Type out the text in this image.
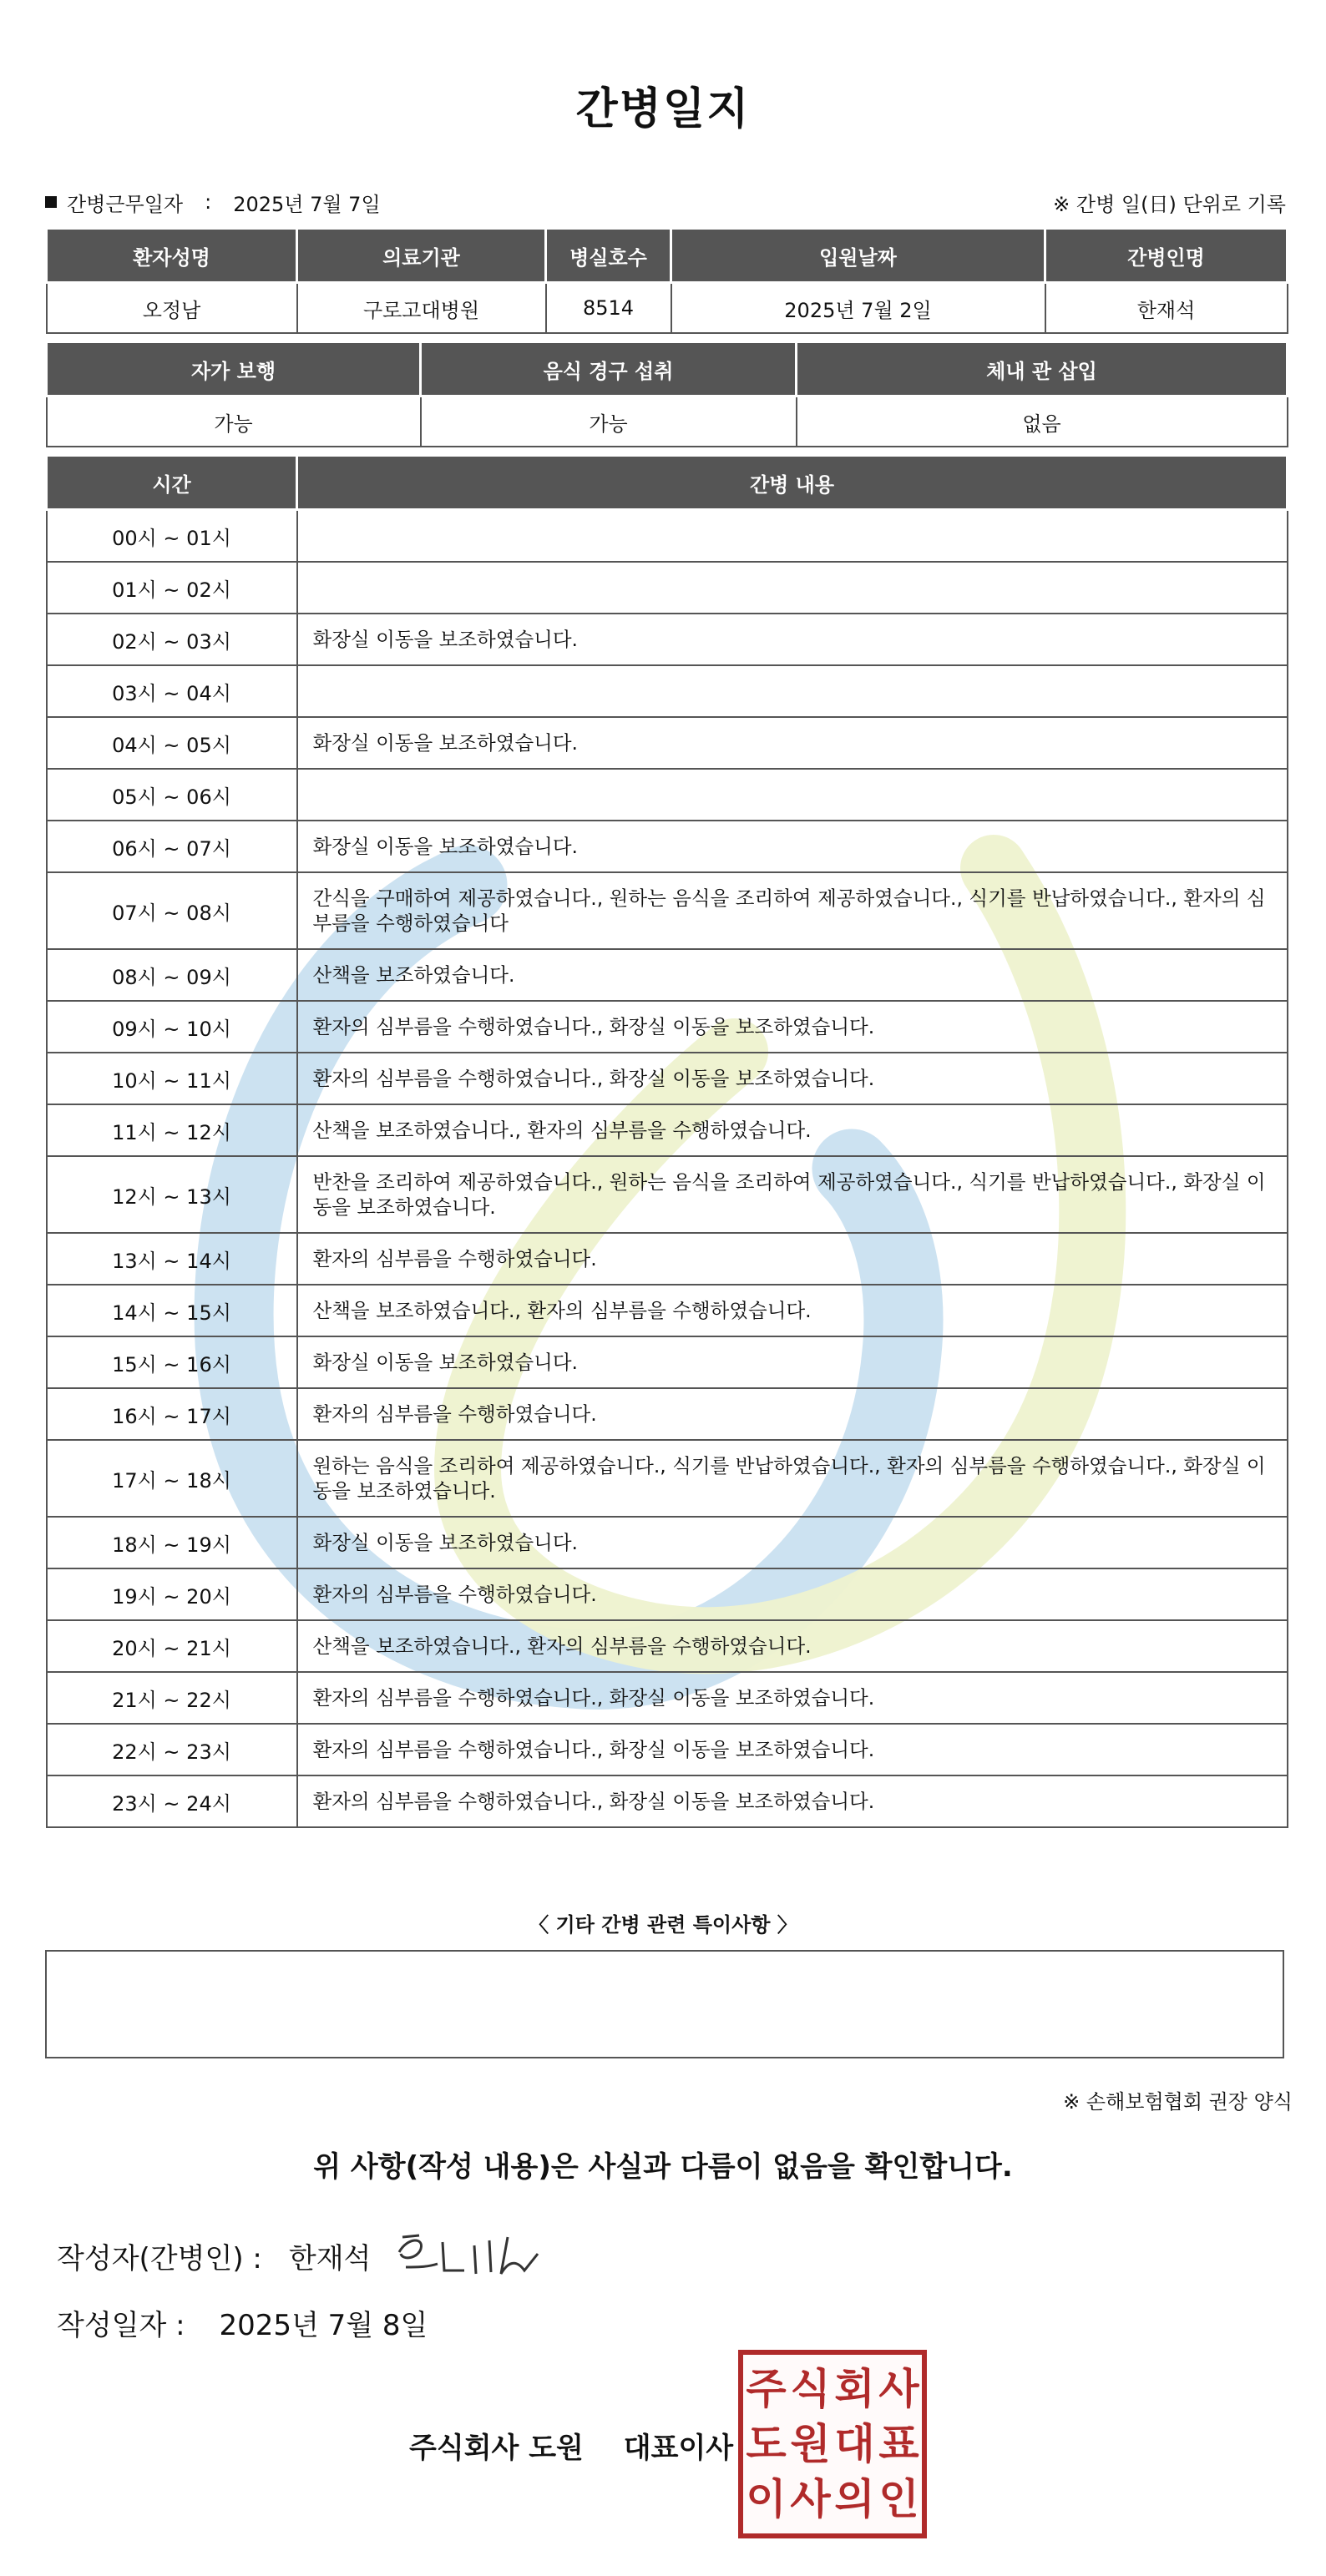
간병일지
간병근무일자 : 2025년 7월 7일	※ 간병 일(日) 단위로 기록
환자성명	의료기관	병실호수	입원날짜	간병인명
오정남	구로고대병원	8514	2025년 7월 2일	한재석
자가 보행	음식 경구 섭취	체내 관 삽입
가능	가능	없음
시간	간병 내용
00시 ~ 01시	
01시 ~ 02시	
02시 ~ 03시	화장실 이동을 보조하였습니다.
03시 ~ 04시	
04시 ~ 05시	화장실 이동을 보조하였습니다.
05시 ~ 06시	
06시 ~ 07시	화장실 이동을 보조하였습니다.
07시 ~ 08시	간식을 구매하여 제공하였습니다., 원하는 음식을 조리하여 제공하였습니다., 식기를 반납하였습니다., 환자의 심부름을 수행하였습니다
08시 ~ 09시	산책을 보조하였습니다.
09시 ~ 10시	환자의 심부름을 수행하였습니다., 화장실 이동을 보조하였습니다.
10시 ~ 11시	환자의 심부름을 수행하였습니다., 화장실 이동을 보조하였습니다.
11시 ~ 12시	산책을 보조하였습니다., 환자의 심부름을 수행하였습니다.
12시 ~ 13시	반찬을 조리하여 제공하였습니다., 원하는 음식을 조리하여 제공하였습니다., 식기를 반납하였습니다., 화장실 이동을 보조하였습니다.
13시 ~ 14시	환자의 심부름을 수행하였습니다.
14시 ~ 15시	산책을 보조하였습니다., 환자의 심부름을 수행하였습니다.
15시 ~ 16시	화장실 이동을 보조하였습니다.
16시 ~ 17시	환자의 심부름을 수행하였습니다.
17시 ~ 18시	원하는 음식을 조리하여 제공하였습니다., 식기를 반납하였습니다., 환자의 심부름을 수행하였습니다., 화장실 이동을 보조하였습니다.
18시 ~ 19시	화장실 이동을 보조하였습니다.
19시 ~ 20시	환자의 심부름을 수행하였습니다.
20시 ~ 21시	산책을 보조하였습니다., 환자의 심부름을 수행하였습니다.
21시 ~ 22시	환자의 심부름을 수행하였습니다., 화장실 이동을 보조하였습니다.
22시 ~ 23시	환자의 심부름을 수행하였습니다., 화장실 이동을 보조하였습니다.
23시 ~ 24시	환자의 심부름을 수행하였습니다., 화장실 이동을 보조하였습니다.
〈 기타 간병 관련 특이사항 〉
※ 손해보험협회 권장 양식
위 사항(작성 내용)은 사실과 다름이 없음을 확인합니다.
작성자(간병인) : 한재석
작성일자 : 2025년 7월 8일
주식회사 도원 대표이사
주 식 회 사
도 원 대 표
이 사 의 인
